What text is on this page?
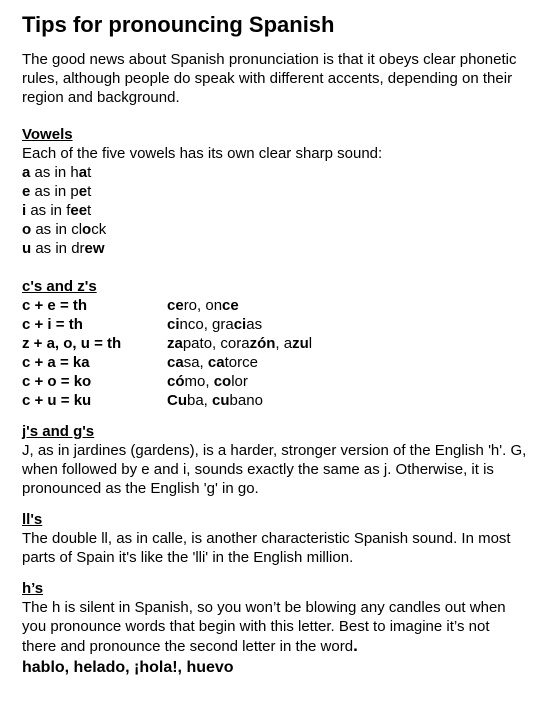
Tips for pronouncing Spanish

The good news about Spanish pronunciation is that it obeys clear phonetic rules, although people do speak with different accents, depending on their region and background.

Vowels
Each of the five vowels has its own clear sharp sound:
a as in hat
e as in pet
i as in feet
o as in clock
u as in drew
c's and z's
c + e = th	cero, once
c + i = th	cinco, gracias
z + a, o, u = th	zapato, corazón, azul
c + a = ka	casa, catorce
c + o = ko	cómo, color
c + u = ku	Cuba, cubano
j's and g's

J, as in jardines (gardens), is a harder, stronger version of the English 'h'. G, when followed by e and i, sounds exactly the same as j. Otherwise, it is pronounced as the English 'g' in go.

ll's

The double ll, as in calle, is another characteristic Spanish sound. In most parts of Spain it's like the 'lli' in the English million.

h’s

The h is silent in Spanish, so you won’t be blowing any candles out when you pronounce words that begin with this letter. Best to imagine it’s not there and pronounce the second letter in the word.

hablo, helado, ¡hola!, huevo
